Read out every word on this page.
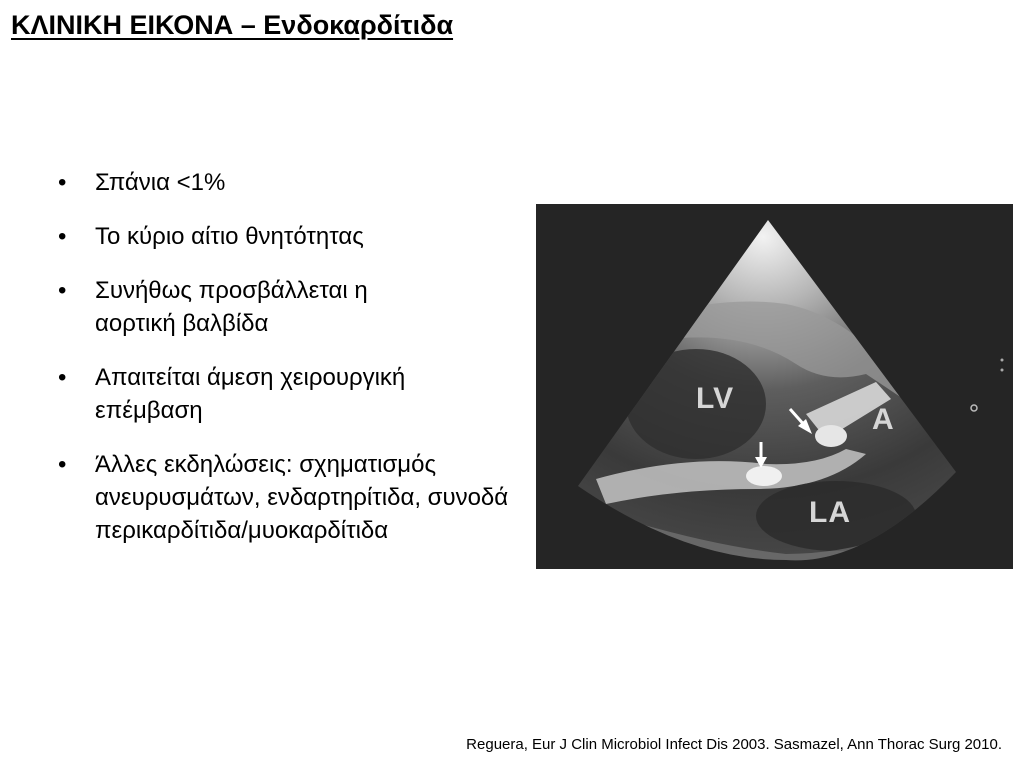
ΚΛΙΝΙΚΗ ΕΙΚΟΝΑ – Ενδοκαρδίτιδα
•	Σπάνια <1%
•	Το κύριο αίτιο θνητότητας
•	Συνήθως προσβάλλεται η αορτική βαλβίδα
•	Απαιτείται άμεση χειρουργική επέμβαση
•	Άλλες εκδηλώσεις: σχηματισμός ανευρυσμάτων, ενδαρτηρίτιδα, συνοδά περικαρδίτιδα/μυοκαρδίτιδα
LV
A
LA
Reguera, Eur J Clin Microbiol Infect Dis 2003. Sasmazel, Ann Thorac Surg 2010.
